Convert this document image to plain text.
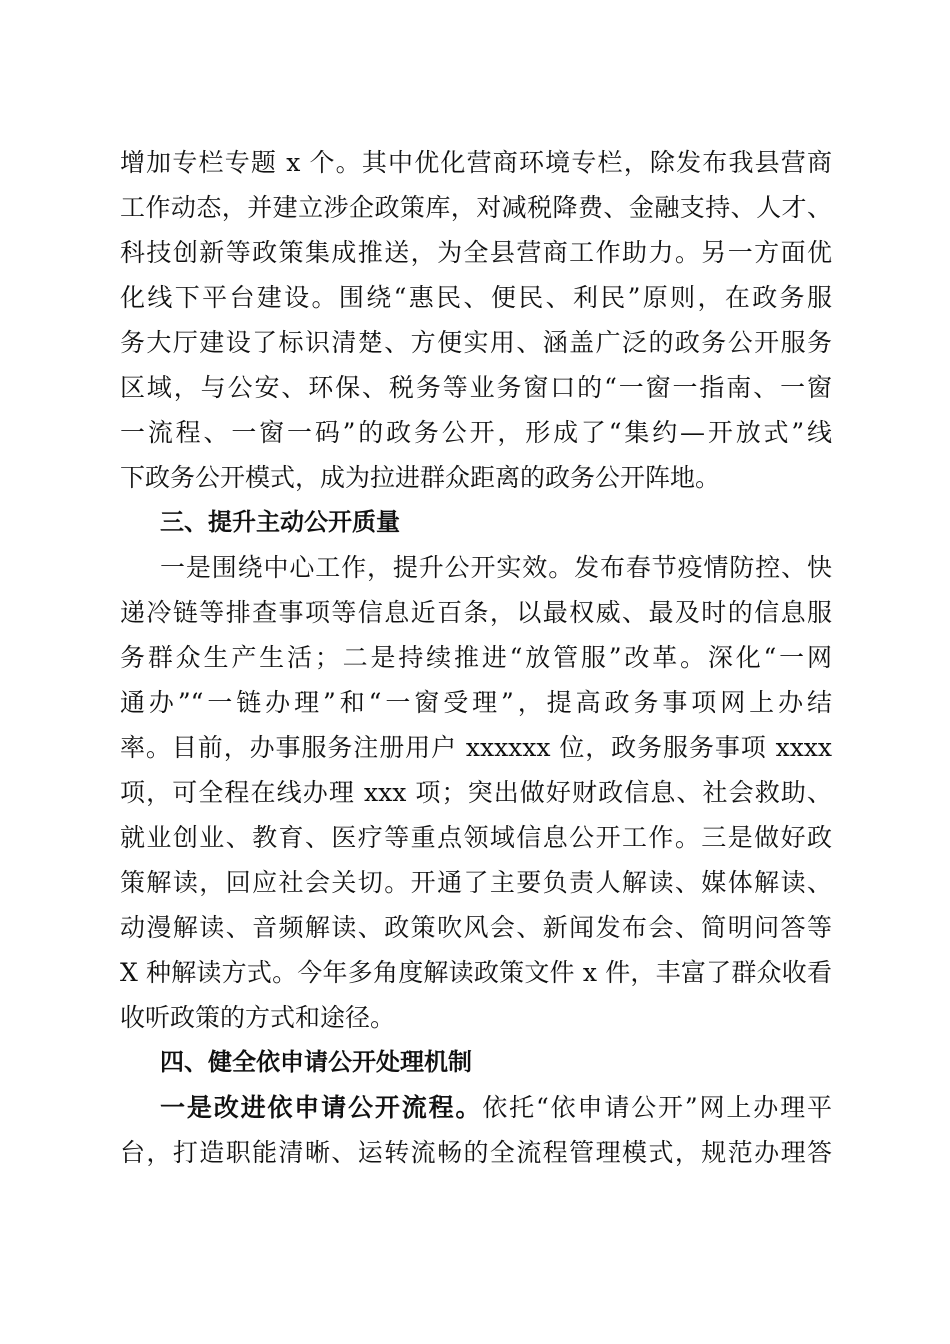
增加专栏专题 x 个。其中优化营商环境专栏，除发布我县营商
工作动态，并建立涉企政策库，对减税降费、金融支持、人才、
科技创新等政策集成推送，为全县营商工作助力。另一方面优
化线下平台建设。围绕“惠民、便民、利民”原则，在政务服
务大厅建设了标识清楚、方便实用、涵盖广泛的政务公开服务
区域，与公安、环保、税务等业务窗口的“一窗一指南、一窗
一流程、一窗一码”的政务公开，形成了“集约—开放式”线
下政务公开模式，成为拉进群众距离的政务公开阵地。
三、提升主动公开质量
一是围绕中心工作，提升公开实效。发布春节疫情防控、快
递冷链等排查事项等信息近百条，以最权威、最及时的信息服
务群众生产生活；二是持续推进“放管服”改革。深化“一网
通办”“一链办理”和“一窗受理”，提高政务事项网上办结
率。目前，办事服务注册用户 xxxxxx 位，政务服务事项 xxxx
项，可全程在线办理 xxx 项；突出做好财政信息、社会救助、
就业创业、教育、医疗等重点领域信息公开工作。三是做好政
策解读，回应社会关切。开通了主要负责人解读、媒体解读、
动漫解读、音频解读、政策吹风会、新闻发布会、简明问答等
X 种解读方式。今年多角度解读政策文件 x 件，丰富了群众收看
收听政策的方式和途径。
四、健全依申请公开处理机制
一是改进依申请公开流程。依托“依申请公开”网上办理平
台，打造职能清晰、运转流畅的全流程管理模式，规范办理答
